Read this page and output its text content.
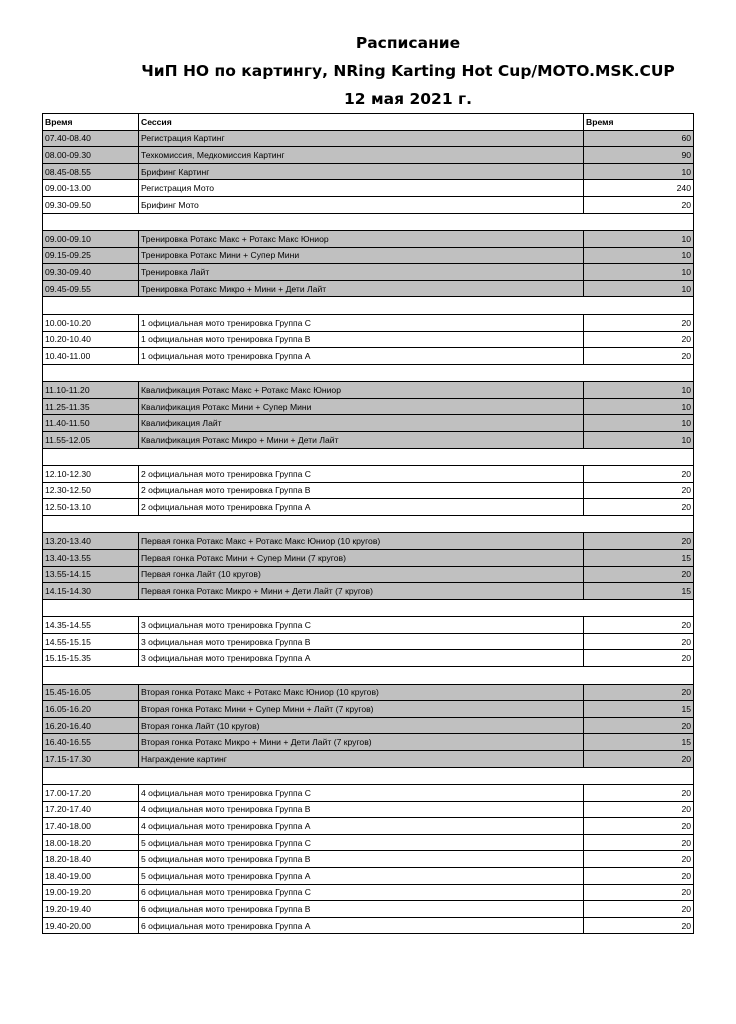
Расписание
ЧиП НО по картингу, NRing Karting Hot Cup/MOTO.MSK.CUP
12 мая 2021 г.
Время	Сессия	Время
07.40-08.40	Регистрация Картинг	60
08.00-09.30	Техкомиссия, Медкомиссия Картинг	90
08.45-08.55	Брифинг Картинг	10
09.00-13.00	Регистрация Мото	240
09.30-09.50	Брифинг Мото	20

09.00-09.10	Тренировка Ротакс Макс + Ротакс Макс Юниор	10
09.15-09.25	Тренировка Ротакс Мини + Супер Мини	10
09.30-09.40	Тренировка Лайт	10
09.45-09.55	Тренировка Ротакс Микро + Мини + Дети Лайт	10

10.00-10.20	1 официальная мото тренировка Группа С	20
10.20-10.40	1 официальная мото тренировка Группа В	20
10.40-11.00	1 официальная мото тренировка Группа А	20

11.10-11.20	Квалификация Ротакс Макс + Ротакс Макс Юниор	10
11.25-11.35	Квалификация Ротакс Мини + Супер Мини	10
11.40-11.50	Квалификация Лайт	10
11.55-12.05	Квалификация Ротакс Микро + Мини + Дети Лайт	10

12.10-12.30	2 официальная мото тренировка Группа С	20
12.30-12.50	2 официальная мото тренировка Группа В	20
12.50-13.10	2 официальная мото тренировка Группа А	20

13.20-13.40	Первая гонка Ротакс Макс + Ротакс Макс Юниор (10 кругов)	20
13.40-13.55	Первая гонка Ротакс Мини + Супер Мини (7 кругов)	15
13.55-14.15	Первая гонка Лайт (10 кругов)	20
14.15-14.30	Первая гонка Ротакс Микро + Мини + Дети Лайт (7 кругов)	15

14.35-14.55	3 официальная мото тренировка Группа С	20
14.55-15.15	3 официальная мото тренировка Группа В	20
15.15-15.35	3 официальная мото тренировка Группа А	20

15.45-16.05	Вторая гонка Ротакс Макс + Ротакс Макс Юниор (10 кругов)	20
16.05-16.20	Вторая гонка Ротакс Мини + Супер Мини + Лайт (7 кругов)	15
16.20-16.40	Вторая гонка Лайт (10 кругов)	20
16.40-16.55	Вторая гонка Ротакс Микро + Мини + Дети Лайт (7 кругов)	15
17.15-17.30	Награждение картинг	20

17.00-17.20	4 официальная мото тренировка Группа С	20
17.20-17.40	4 официальная мото тренировка Группа В	20
17.40-18.00	4 официальная мото тренировка Группа А	20
18.00-18.20	5 официальная мото тренировка Группа С	20
18.20-18.40	5 официальная мото тренировка Группа В	20
18.40-19.00	5 официальная мото тренировка Группа А	20
19.00-19.20	6 официальная мото тренировка Группа С	20
19.20-19.40	6 официальная мото тренировка Группа В	20
19.40-20.00	6 официальная мото тренировка Группа А	20
